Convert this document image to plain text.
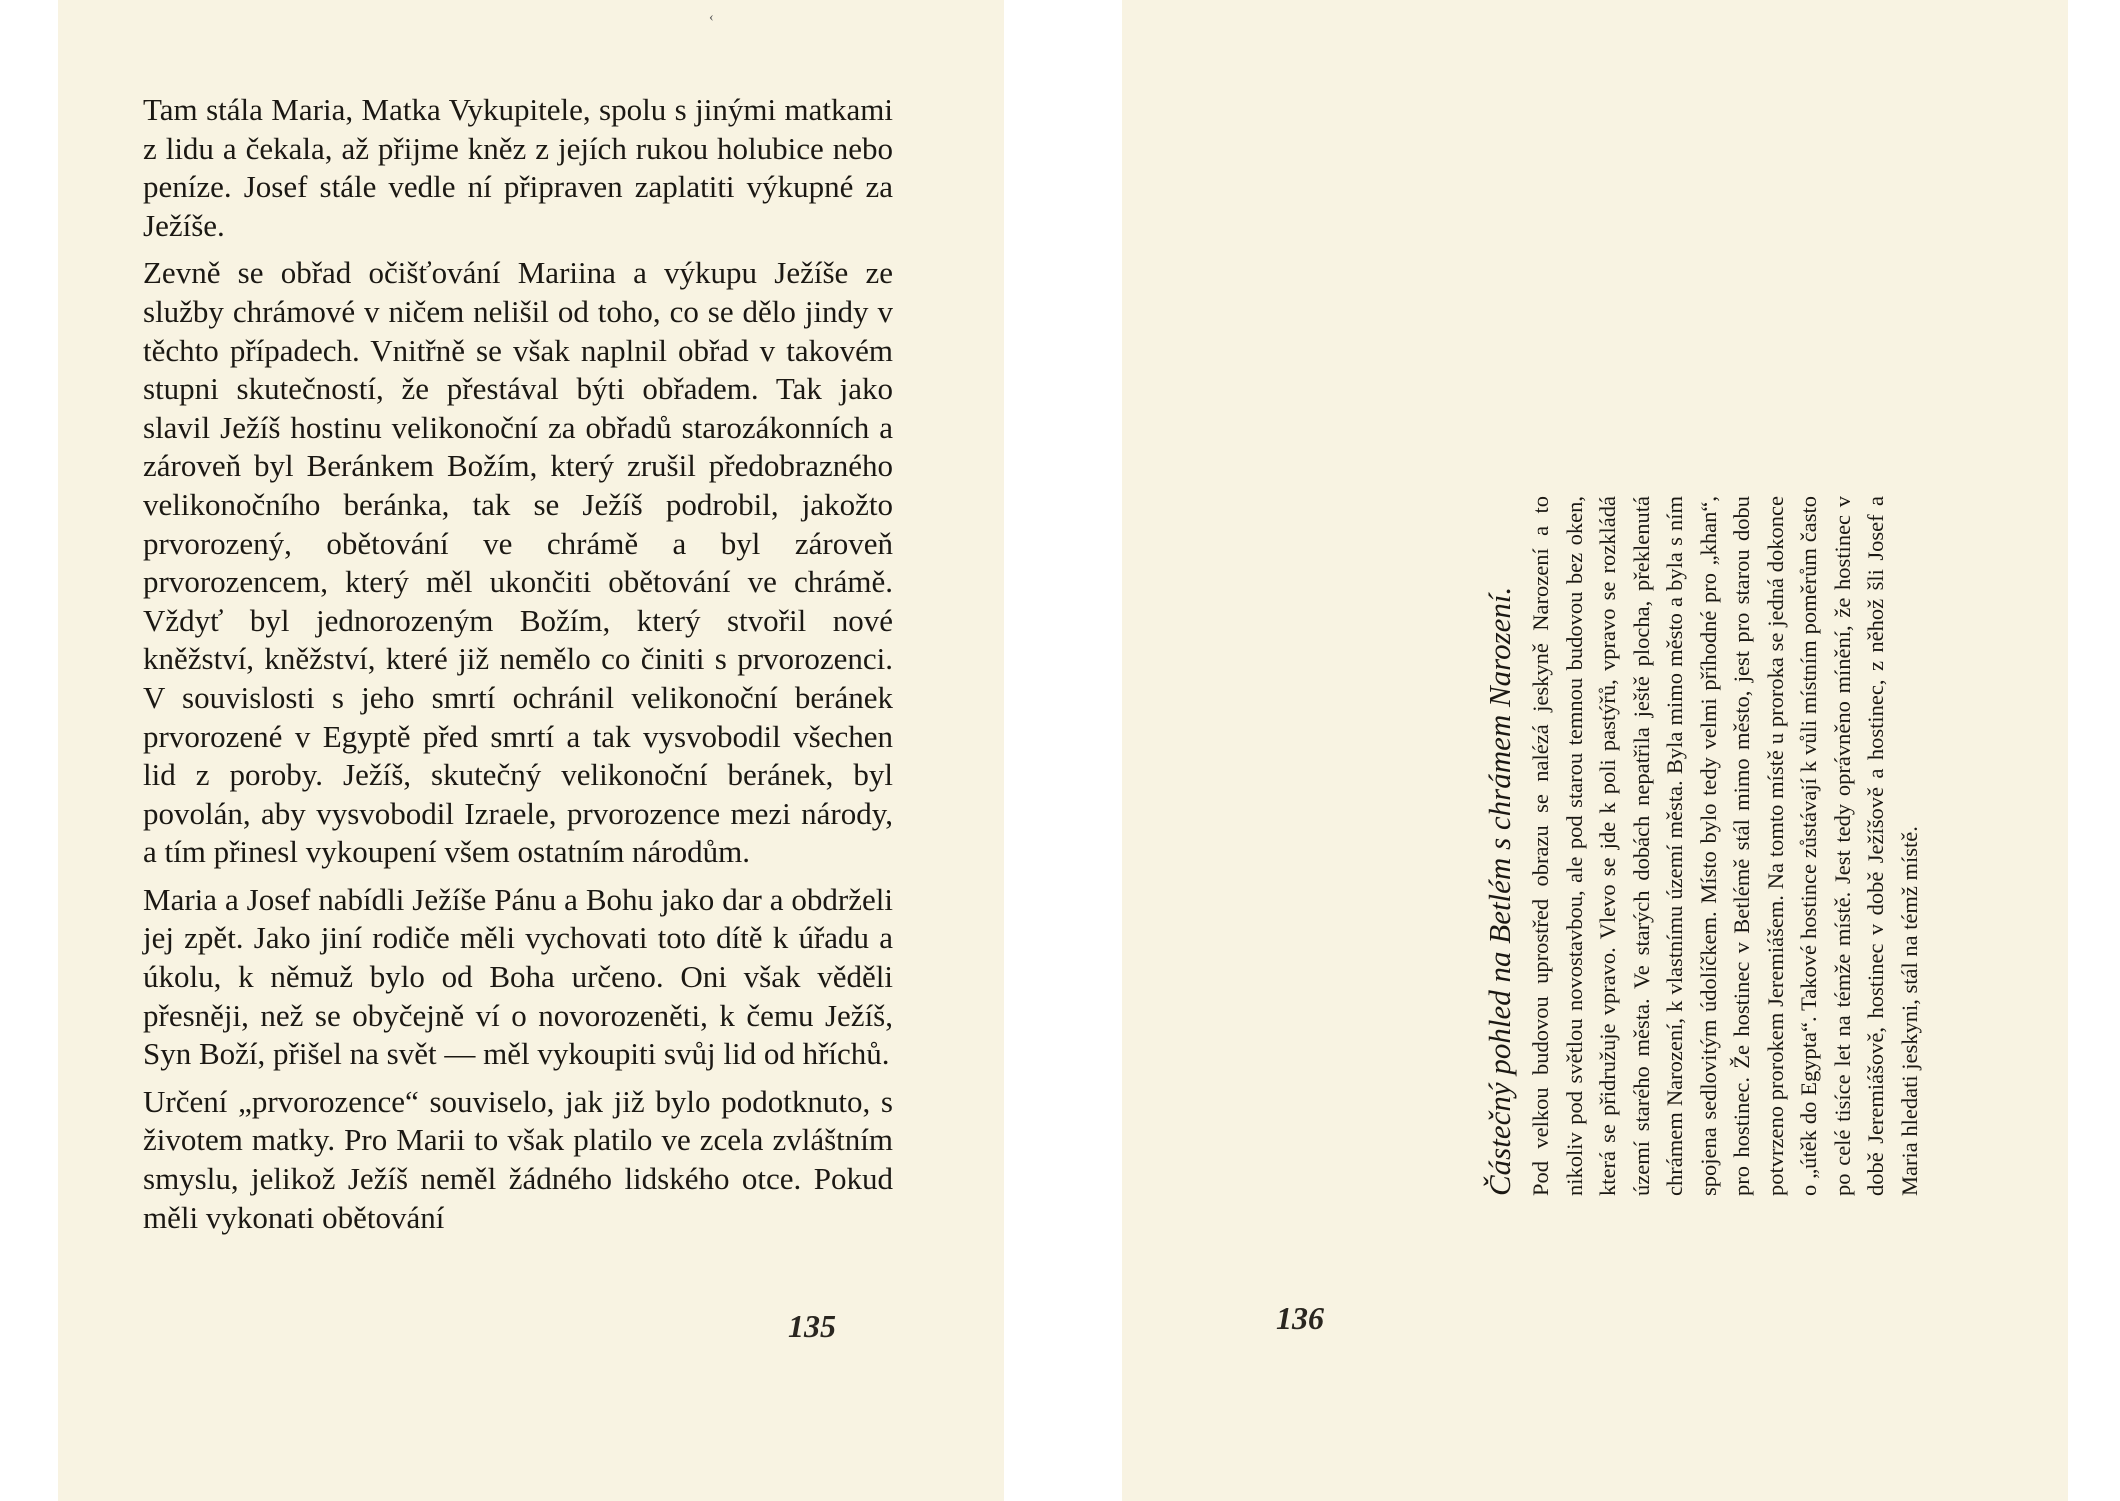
‹

Tam stála Maria, Matka Vykupitele, spolu s jinými matkami z lidu a čekala, až přijme kněz z jejích rukou holubice nebo peníze. Josef stále vedle ní připraven zaplatiti výkupné za Ježíše.

Zevně se obřad očišťování Mariina a výkupu Ježíše ze služby chrámové v ničem nelišil od toho, co se dělo jindy v těchto případech. Vnitřně se však naplnil obřad v takovém stupni skutečností, že přestával býti obřadem. Tak jako slavil Ježíš hostinu velikonoční za obřadů starozákonních a zároveň byl Beránkem Božím, který zrušil předobrazného velikonočního beránka, tak se Ježíš podrobil, jakožto prvorozený, obětování ve chrámě a byl zároveň prvorozencem, který měl ukončiti obětování ve chrámě. Vždyť byl jednorozeným Božím, který stvořil nové kněžství, kněžství, které již nemělo co činiti s prvorozenci. V souvislosti s jeho smrtí ochránil velikonoční beránek prvorozené v Egyptě před smrtí a tak vysvobodil všechen lid z poroby. Ježíš, skutečný velikonoční beránek, byl povolán, aby vysvobodil Izraele, prvorozence mezi národy, a tím přinesl vykoupení všem ostatním národům.

Maria a Josef nabídli Ježíše Pánu a Bohu jako dar a obdrželi jej zpět. Jako jiní rodiče měli vychovati toto dítě k úřadu a úkolu, k němuž bylo od Boha určeno. Oni však věděli přesněji, než se obyčejně ví o novorozeněti, k čemu Ježíš, Syn Boží, přišel na svět — měl vykoupiti svůj lid od hříchů.

Určení „prvorozence“ souviselo, jak již bylo podotknuto, s životem matky. Pro Marii to však platilo ve zcela zvláštním smyslu, jelikož Ježíš neměl žádného lidského otce. Pokud měli vykonati obětování

135

Částečný pohled na Betlém s chrámem Narození. Pod velkou budovou uprostřed obrazu se nalézá jeskyně Narození a to nikoliv pod světlou novostavbou, ale pod starou temnou budovou bez oken, která se přidružuje vpravo. Vlevo se jde k poli pastýřů, vpravo se rozkládá území starého města. Ve starých dobách nepatřila ještě plocha, překlenutá chrámem Narození, k vlastnímu území města. Byla mimo město a byla s ním spojena sedlovitým údolíčkem. Místo bylo tedy velmi příhodné pro „khan“, pro hostinec. Že hostinec v Betlémě stál mimo město, jest pro starou dobu potvrzeno prorokem Jeremiášem. Na tomto místě u proroka se jedná dokonce o „útěk do Egypta“. Takové hostince zůstávají k vůli místním poměrům často po celé tisíce let na témže místě. Jest tedy oprávněno mínění, že hostinec v době Jeremiášově, hostinec v době Ježíšově a hostinec, z něhož šli Josef a Maria hledati jeskyni, stál na témž místě.

136
